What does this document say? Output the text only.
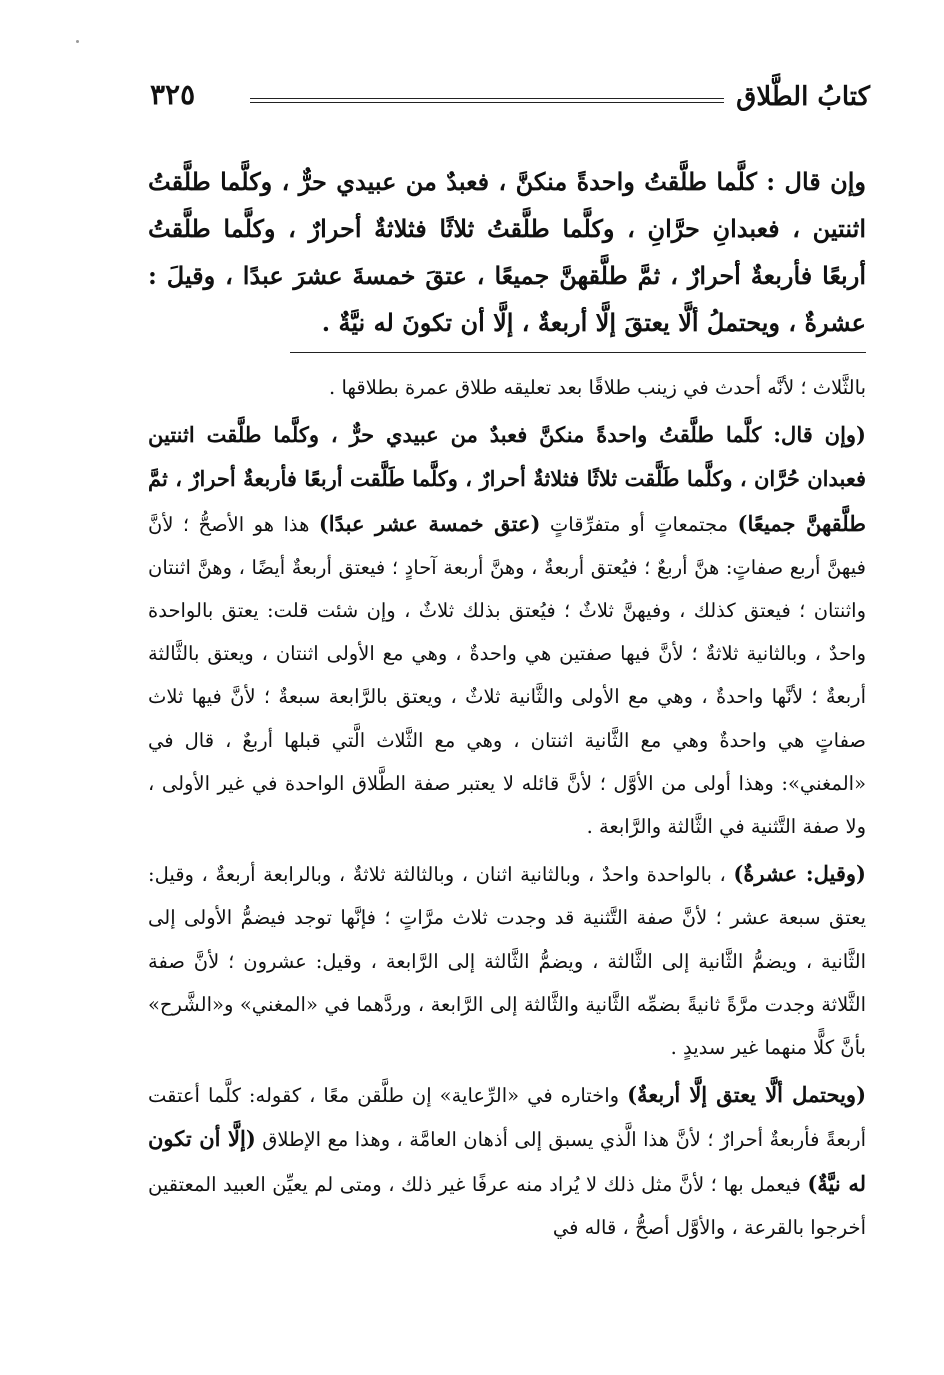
كتابُ الطَّلاق
٣٢٥
وإن قال : كلَّما طلَّقتُ واحدةً منكنَّ ، فعبدٌ من عبيدي حرٌّ ، وكلَّما طلَّقتُ اثنتين ، فعبدانِ حرَّانِ ، وكلَّما طلَّقتُ ثلاثًا فثلاثةٌ أحرارٌ ، وكلَّما طلَّقتُ أربعًا فأربعةٌ أحرارٌ ، ثمَّ طلَّقهنَّ جميعًا ، عتقَ خمسةَ عشرَ عبدًا ، وقيلَ : عشرةٌ ، ويحتملُ ألَّا يعتقَ إلَّا أربعةٌ ، إلَّا أن تكونَ له نيَّةٌ .

بالثَّلاث ؛ لأنَّه أحدث في زينب طلاقًا بعد تعليقه طلاق عمرة بطلاقها .

(وإن قال: كلَّما طلَّقتُ واحدةً منكنَّ فعبدٌ من عبيدي حرٌّ ، وكلَّما طلَّقت اثنتين فعبدان حُرَّان ، وكلَّما طَلَّقت ثلاثًا فثلاثةٌ أحرارٌ ، وكلَّما طَلَّقت أربعًا فأربعةٌ أحرارٌ ، ثمَّ طلَّقهنَّ جميعًا) مجتمعاتٍ أو متفرِّقاتٍ (عتق خمسة عشر عبدًا) هذا هو الأصحُّ ؛ لأنَّ فيهنَّ أربع صفاتٍ: هنَّ أربعٌ ؛ فيُعتق أربعةٌ ، وهنَّ أربعة آحادٍ ؛ فيعتق أربعةٌ أيضًا ، وهنَّ اثنتان واثنتان ؛ فيعتق كذلك ، وفيهنَّ ثلاثٌ ؛ فيُعتق بذلك ثلاثٌ ، وإن شئت قلت: يعتق بالواحدة واحدٌ ، وبالثانية ثلاثةٌ ؛ لأنَّ فيها صفتين هي واحدةٌ ، وهي مع الأولى اثنتان ، ويعتق بالثَّالثة أربعةٌ ؛ لأنَّها واحدةٌ ، وهي مع الأولى والثَّانية ثلاثٌ ، ويعتق بالرَّابعة سبعةٌ ؛ لأنَّ فيها ثلاث صفاتٍ هي واحدةٌ وهي مع الثَّانية اثنتان ، وهي مع الثَّلاث الَّتي قبلها أربعٌ ، قال في «المغني»: وهذا أولى من الأوَّل ؛ لأنَّ قائله لا يعتبر صفة الطَّلاق الواحدة في غير الأولى ، ولا صفة التَّثنية في الثَّالثة والرَّابعة .

(وقيل: عشرةٌ) ، بالواحدة واحدٌ ، وبالثانية اثنان ، وبالثالثة ثلاثةٌ ، وبالرابعة أربعةٌ ، وقيل: يعتق سبعة عشر ؛ لأنَّ صفة التَّثنية قد وجدت ثلاث مرَّاتٍ ؛ فإنَّها توجد فيضمُّ الأولى إلى الثَّانية ، ويضمُّ الثَّانية إلى الثَّالثة ، ويضمُّ الثَّالثة إلى الرَّابعة ، وقيل: عشرون ؛ لأنَّ صفة الثَّلاثة وجدت مرَّةً ثانيةً بضمِّه الثَّانية والثَّالثة إلى الرَّابعة ، وردَّهما في «المغني» و«الشَّرح» بأنَّ كلًّا منهما غير سديدٍ .

(ويحتمل ألَّا يعتق إلَّا أربعةٌ) واختاره في «الرِّعاية» إن طلَّقن معًا ، كقوله: كلَّما أعتقت أربعةً فأربعةٌ أحرارٌ ؛ لأنَّ هذا الَّذي يسبق إلى أذهان العامَّة ، وهذا مع الإطلاق (إلَّا أن تكون له نيَّةٌ) فيعمل بها ؛ لأنَّ مثل ذلك لا يُراد منه عرفًا غير ذلك ، ومتى لم يعيِّن العبيد المعتقين أخرجوا بالقرعة ، والأوَّل أصحُّ ، قاله في
